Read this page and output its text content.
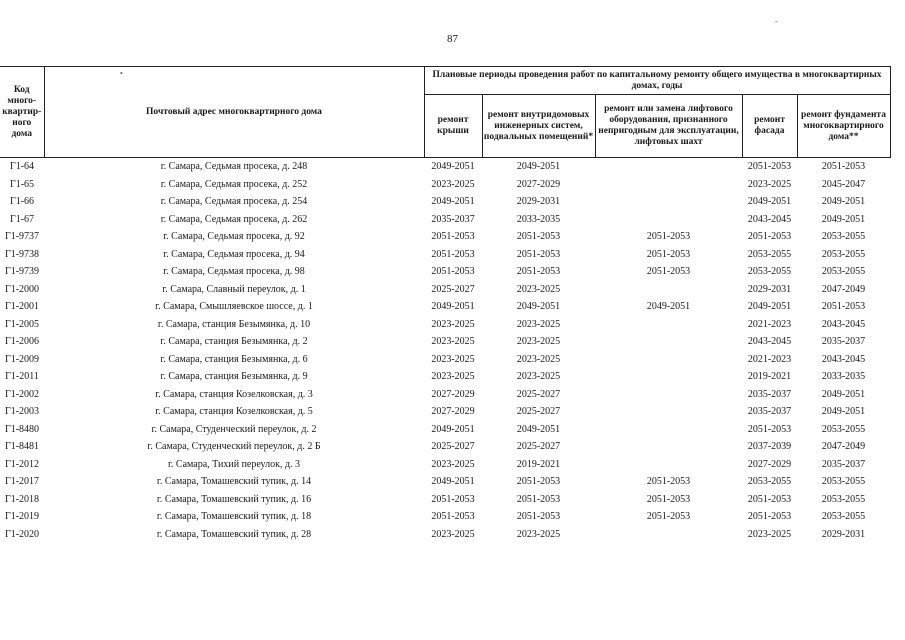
87
•
-
Код много-квартир-ного дома	Почтовый адрес многоквартирного дома	Плановые периоды проведения работ по капитальному ремонту общего имущества в многоквартирных домах, годы				
		ремонт крыши	ремонт внутридомовых инженерных систем, подвальных помещений*	ремонт или замена лифтового оборудования, признанного непригодным для эксплуатации, лифтовых шахт	ремонт фасада	ремонт фундамента многоквартирного дома**
Г1-64	г. Самара, Седьмая просека, д. 248	2049-2051	2049-2051		2051-2053	2051-2053
Г1-65	г. Самара, Седьмая просека, д. 252	2023-2025	2027-2029		2023-2025	2045-2047
Г1-66	г. Самара, Седьмая просека, д. 254	2049-2051	2029-2031		2049-2051	2049-2051
Г1-67	г. Самара, Седьмая просека, д. 262	2035-2037	2033-2035		2043-2045	2049-2051
Г1-9737	г. Самара, Седьмая просека, д. 92	2051-2053	2051-2053	2051-2053	2051-2053	2053-2055
Г1-9738	г. Самара, Седьмая просека, д. 94	2051-2053	2051-2053	2051-2053	2053-2055	2053-2055
Г1-9739	г. Самара, Седьмая просека, д. 98	2051-2053	2051-2053	2051-2053	2053-2055	2053-2055
Г1-2000	г. Самара, Славный переулок, д. 1	2025-2027	2023-2025		2029-2031	2047-2049
Г1-2001	г. Самара, Смышляевское шоссе, д. 1	2049-2051	2049-2051	2049-2051	2049-2051	2051-2053
Г1-2005	г. Самара, станция Безымянка, д. 10	2023-2025	2023-2025		2021-2023	2043-2045
Г1-2006	г. Самара, станция Безымянка, д. 2	2023-2025	2023-2025		2043-2045	2035-2037
Г1-2009	г. Самара, станция Безымянка, д. 6	2023-2025	2023-2025		2021-2023	2043-2045
Г1-2011	г. Самара, станция Безымянка, д. 9	2023-2025	2023-2025		2019-2021	2033-2035
Г1-2002	г. Самара, станция Козелковская, д. 3	2027-2029	2025-2027		2035-2037	2049-2051
Г1-2003	г. Самара, станция Козелковская, д. 5	2027-2029	2025-2027		2035-2037	2049-2051
Г1-8480	г. Самара, Студенческий переулок, д. 2	2049-2051	2049-2051		2051-2053	2053-2055
Г1-8481	г. Самара, Студенческий переулок, д. 2 Б	2025-2027	2025-2027		2037-2039	2047-2049
Г1-2012	г. Самара, Тихий переулок, д. 3	2023-2025	2019-2021		2027-2029	2035-2037
Г1-2017	г. Самара, Томашевский тупик, д. 14	2049-2051	2051-2053	2051-2053	2053-2055	2053-2055
Г1-2018	г. Самара, Томашевский тупик, д. 16	2051-2053	2051-2053	2051-2053	2051-2053	2053-2055
Г1-2019	г. Самара, Томашевский тупик, д. 18	2051-2053	2051-2053	2051-2053	2051-2053	2053-2055
Г1-2020	г. Самара, Томашевский тупик, д. 28	2023-2025	2023-2025		2023-2025	2029-2031
